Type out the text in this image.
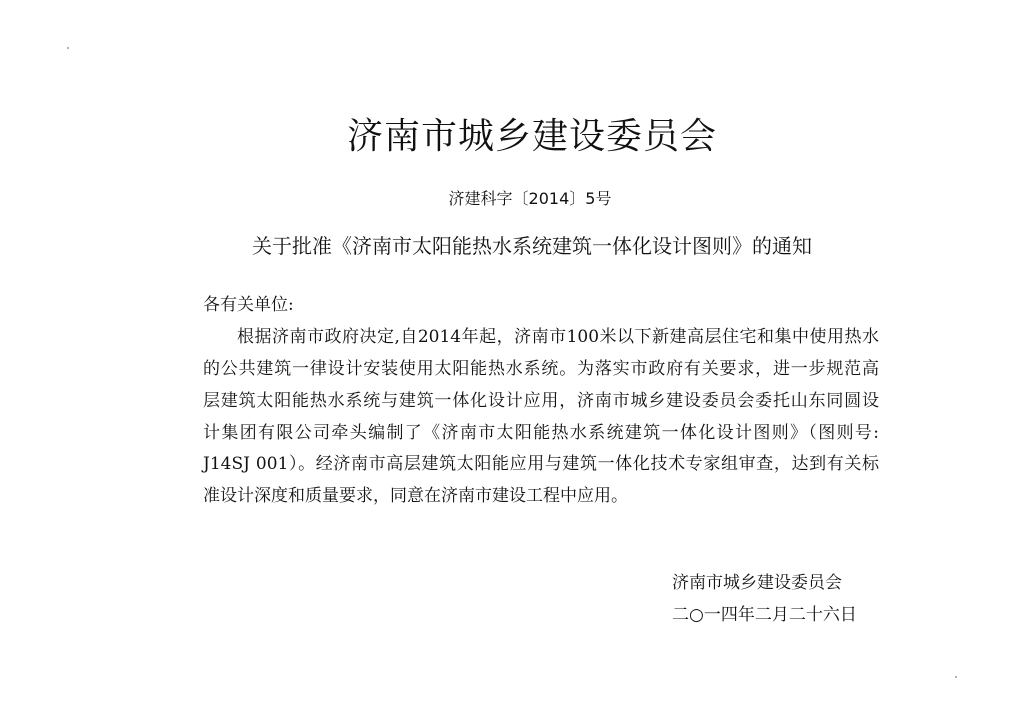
济南市城乡建设委员会
济建科字〔2014〕5号
关于批准《济南市太阳能热水系统建筑一体化设计图则》的通知
各有关单位:
根据济南市政府决定,自2014年起，济南市100米以下新建高层住宅和集中使用热水
的公共建筑一律设计安装使用太阳能热水系统。为落实市政府有关要求，进一步规范高
层建筑太阳能热水系统与建筑一体化设计应用，济南市城乡建设委员会委托山东同圆设
计集团有限公司牵头编制了《济南市太阳能热水系统建筑一体化设计图则》（图则号:
J14SJ 001）。经济南市高层建筑太阳能应用与建筑一体化技术专家组审查，达到有关标
准设计深度和质量要求，同意在济南市建设工程中应用。
济南市城乡建设委员会
二○一四年二月二十六日
